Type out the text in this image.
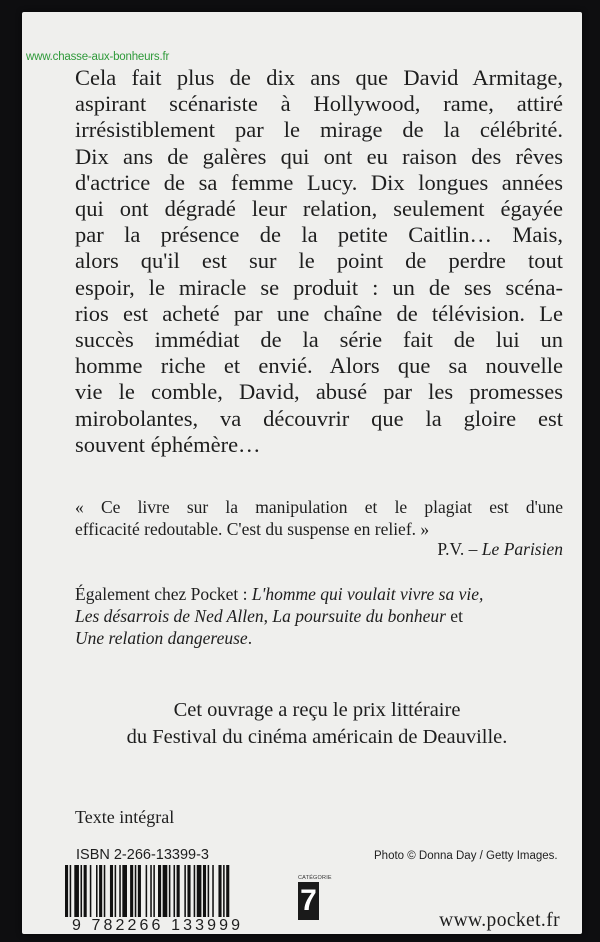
www.chasse-aux-bonheurs.fr
Cela fait plus de dix ans que David Armitage,
aspirant scénariste à Hollywood, rame, attiré
irrésistiblement par le mirage de la célébrité.
Dix ans de galères qui ont eu raison des rêves
d'actrice de sa femme Lucy. Dix longues années
qui ont dégradé leur relation, seulement égayée
par la présence de la petite Caitlin… Mais,
alors qu'il est sur le point de perdre tout
espoir, le miracle se produit : un de ses scéna-
rios est acheté par une chaîne de télévision. Le
succès immédiat de la série fait de lui un
homme riche et envié. Alors que sa nouvelle
vie le comble, David, abusé par les promesses
mirobolantes, va découvrir que la gloire est
souvent éphémère…
« Ce livre sur la manipulation et le plagiat est d'une
efficacité redoutable. C'est du suspense en relief. »
P.V. – Le Parisien
Également chez Pocket : L'homme qui voulait vivre sa vie,
Les désarrois de Ned Allen, La poursuite du bonheur et
Une relation dangereuse.
Cet ouvrage a reçu le prix littéraire
du Festival du cinéma américain de Deauville.
Texte intégral
ISBN 2-266-13399-3	Photo © Donna Day / Getty Images.
9 782266 133999
CATÉGORIE
7
www.pocket.fr
